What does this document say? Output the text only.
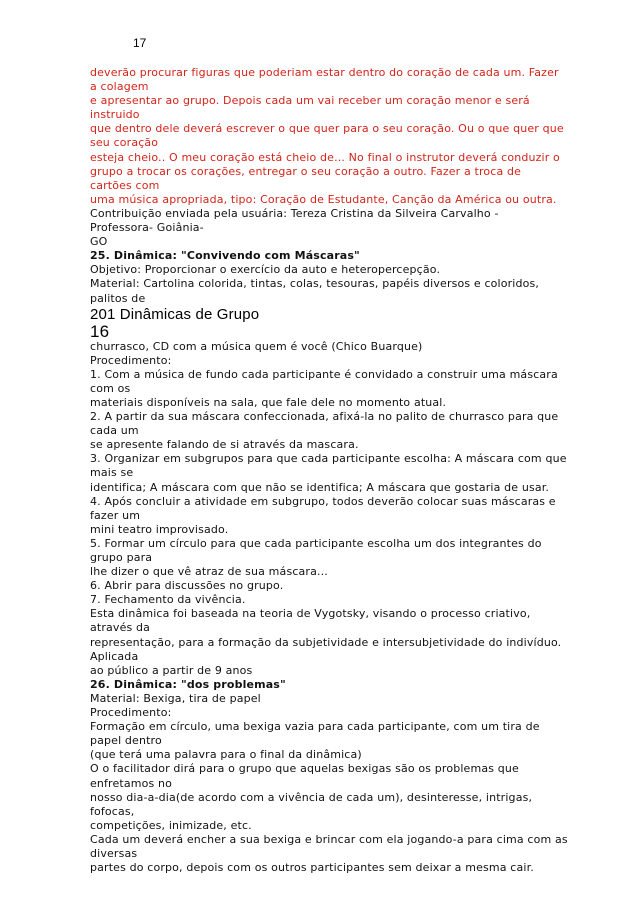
17
deverão procurar figuras que poderiam estar dentro do coração de cada um. Fazer
a colagem
e apresentar ao grupo. Depois cada um vai receber um coração menor e será
instruido
que dentro dele deverá escrever o que quer para o seu coração. Ou o que quer que
seu coração
esteja cheio.. O meu coração está cheio de... No final o instrutor deverá conduzir o
grupo a trocar os corações, entregar o seu coração a outro. Fazer a troca de
cartões com
uma música apropriada, tipo: Coração de Estudante, Canção da América ou outra.
Contribuição enviada pela usuária: Tereza Cristina da Silveira Carvalho -
Professora- Goiânia-
GO
25. Dinâmica: "Convivendo com Máscaras"
Objetivo: Proporcionar o exercício da auto e heteropercepção.
Material: Cartolina colorida, tintas, colas, tesouras, papéis diversos e coloridos,
palitos de
201 Dinâmicas de Grupo
16
churrasco, CD com a música quem é você (Chico Buarque)
Procedimento:
1. Com a música de fundo cada participante é convidado a construir uma máscara
com os
materiais disponíveis na sala, que fale dele no momento atual.
2. A partir da sua máscara confeccionada, afixá-la no palito de churrasco para que
cada um
se apresente falando de si através da mascara.
3. Organizar em subgrupos para que cada participante escolha: A máscara com que
mais se
identifica; A máscara com que não se identifica; A máscara que gostaria de usar.
4. Após concluir a atividade em subgrupo, todos deverão colocar suas máscaras e
fazer um
mini teatro improvisado.
5. Formar um círculo para que cada participante escolha um dos integrantes do
grupo para
lhe dizer o que vê atraz de sua máscara...
6. Abrir para discussões no grupo.
7. Fechamento da vivência.
Esta dinâmica foi baseada na teoria de Vygotsky, visando o processo criativo,
através da
representação, para a formação da subjetividade e intersubjetividade do indivíduo.
Aplicada
ao público a partir de 9 anos
26. Dinâmica: "dos problemas"
Material: Bexiga, tira de papel
Procedimento:
Formação em círculo, uma bexiga vazia para cada participante, com um tira de
papel dentro
(que terá uma palavra para o final da dinâmica)
O o facilitador dirá para o grupo que aquelas bexigas são os problemas que
enfretamos no
nosso dia-a-dia(de acordo com a vivência de cada um), desinteresse, intrigas,
fofocas,
competições, inimizade, etc.
Cada um deverá encher a sua bexiga e brincar com ela jogando-a para cima com as
diversas
partes do corpo, depois com os outros participantes sem deixar a mesma cair.
